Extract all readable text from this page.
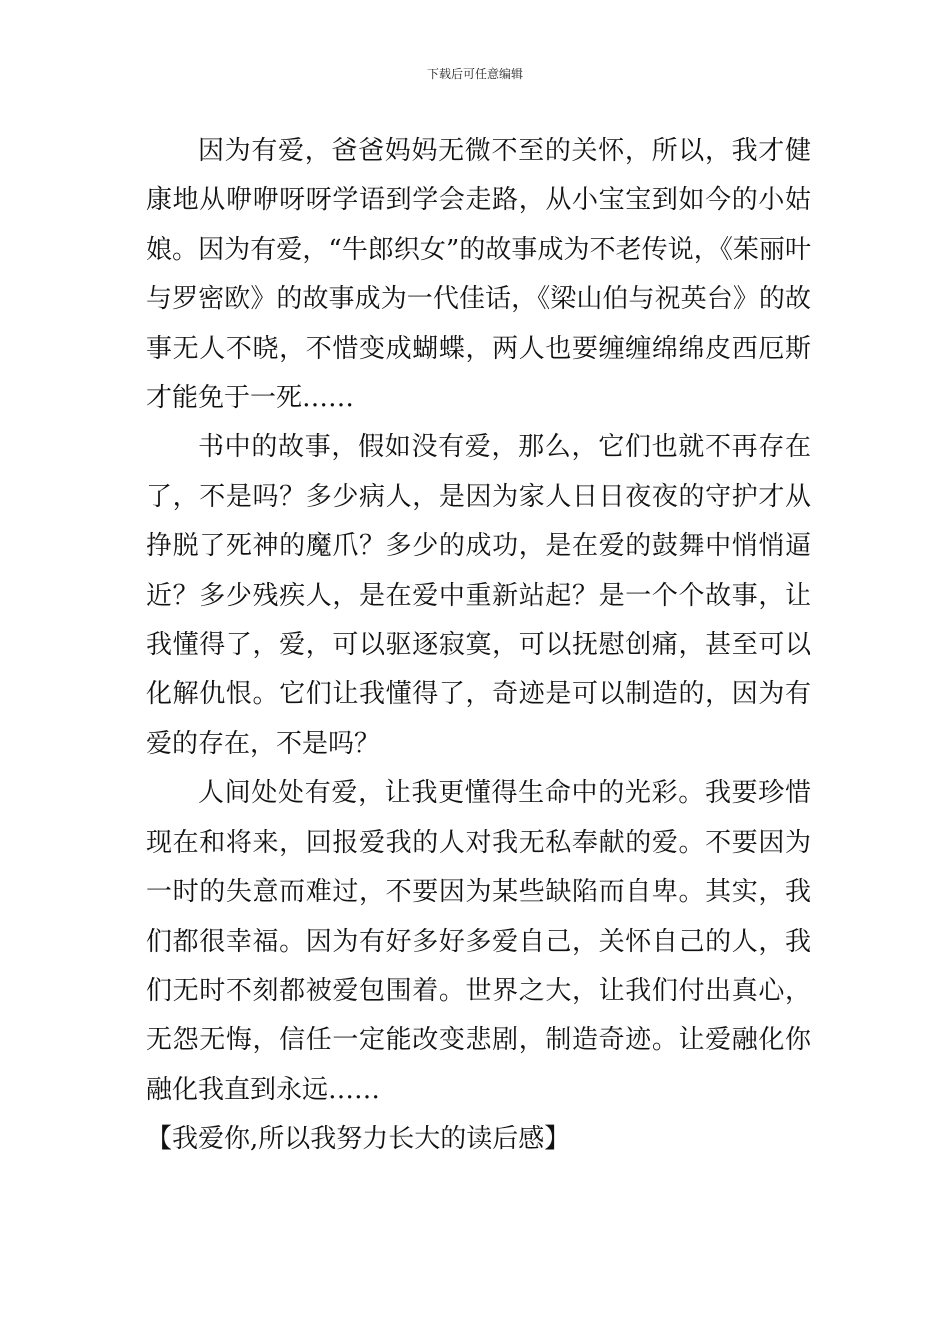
下载后可任意编辑

因为有爱，爸爸妈妈无微不至的关怀，所以，我才健康地从咿咿呀呀学语到学会走路，从小宝宝到如今的小姑娘。因为有爱，“牛郎织女”的故事成为不老传说，《茱丽叶与罗密欧》的故事成为一代佳话，《梁山伯与祝英台》的故事无人不晓，不惜变成蝴蝶，两人也要缠缠绵绵皮西厄斯才能免于一死……

书中的故事，假如没有爱，那么，它们也就不再存在了，不是吗？多少病人，是因为家人日日夜夜的守护才从挣脱了死神的魔爪？多少的成功，是在爱的鼓舞中悄悄逼近？多少残疾人，是在爱中重新站起？是一个个故事，让我懂得了，爱，可以驱逐寂寞，可以抚慰创痛，甚至可以化解仇恨。它们让我懂得了，奇迹是可以制造的，因为有爱的存在，不是吗？

人间处处有爱，让我更懂得生命中的光彩。我要珍惜现在和将来，回报爱我的人对我无私奉献的爱。不要因为一时的失意而难过，不要因为某些缺陷而自卑。其实，我们都很幸福。因为有好多好多爱自己，关怀自己的人，我们无时不刻都被爱包围着。世界之大，让我们付出真心，无怨无悔，信任一定能改变悲剧，制造奇迹。让爱融化你融化我直到永远……

【我爱你,所以我努力长大的读后感】
